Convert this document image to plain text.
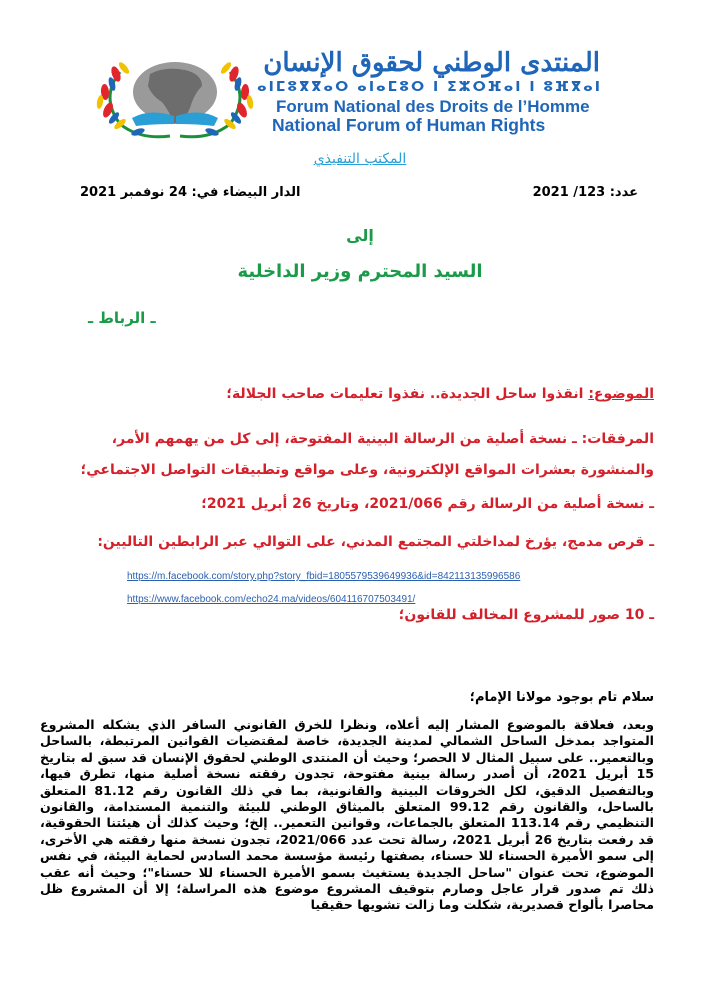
المنتدى الوطني لحقوق الإنسان
ⴰⵏⵎⵓⴳⴳⴰⵔ ⴰⵏⴰⵎⵓⵔ ⵏ ⵉⵣⵔⴼⴰⵏ ⵏ ⵓⴼⴳⴰⵏ
Forum National des Droits de l’Homme
National Forum of Human Rights
المكتب التنفيذي
عدد: 123/ 2021
الدار البيضاء في: 24 نوفمبر 2021
إلى
السيد المحترم وزير الداخلية
ـ الرباط ـ
الموضوع: انقذوا ساحل الجديدة.. نفذوا تعليمات صاحب الجلالة؛
المرفقات: ـ نسخة أصلية من الرسالة البينية المفتوحة، إلى كل من يهمهم الأمر، والمنشورة بعشرات المواقع الإلكترونية، وعلى مواقع وتطبيقات التواصل الاجتماعي؛
ـ نسخة أصلية من الرسالة رقم 2021/066، وتاريخ 26 أبريل 2021؛
ـ قرص مدمج، يؤرخ لمداخلتي المجتمع المدني، على التوالي عبر الرابطين التاليين:
https://m.facebook.com/story.php?story_fbid=1805579539649936&id=842113135996586
https://www.facebook.com/echo24.ma/videos/604116707503491/
ـ 10 صور للمشروع المخالف للقانون؛
سلام تام بوجود مولانا الإمام؛

وبعد، فعلاقة بالموضوع المشار إليه أعلاه، ونظرا للخرق القانوني السافر الذي يشكله المشروع المتواجد بمدخل الساحل الشمالي لمدينة الجديدة، خاصة لمقتضيات القوانين المرتبطة، بالساحل وبالتعمير.. على سبيل المثال لا الحصر؛ وحيث أن المنتدى الوطني لحقوق الإنسان قد سبق له بتاريخ 15 أبريل 2021، أن أصدر رسالة بينية مفتوحة، تجدون رفقته نسخة أصلية منها، تطرق فيها، وبالتفصيل الدقيق، لكل الخروقات البينية والقانونية، بما في ذلك القانون رقم 81.12 المتعلق بالساحل، والقانون رقم 99.12 المتعلق بالميثاق الوطني للبيئة والتنمية المستدامة، والقانون التنظيمي رقم 113.14 المتعلق بالجماعات، وقوانين التعمير.. إلخ؛ وحيث كذلك أن هيئتنا الحقوقية، قد رفعت بتاريخ 26 أبريل 2021، رسالة تحت عدد 2021/066، تجدون نسخة منها رفقته هي الأخرى، إلى سمو الأميرة الحسناء للا حسناء، بصفتها رئيسة مؤسسة محمد السادس لحماية البيئة، في نفس الموضوع، تحت عنوان "ساحل الجديدة يستغيث بسمو الأميرة الحسناء للا حسناء"؛ وحيث أنه عقب ذلك تم صدور قرار عاجل وصارم بتوقيف المشروع موضوع هذه المراسلة؛ إلا أن المشروع ظل محاصرا بألواح قصديرية، شكلت وما زالت تشويها حقيقيا
